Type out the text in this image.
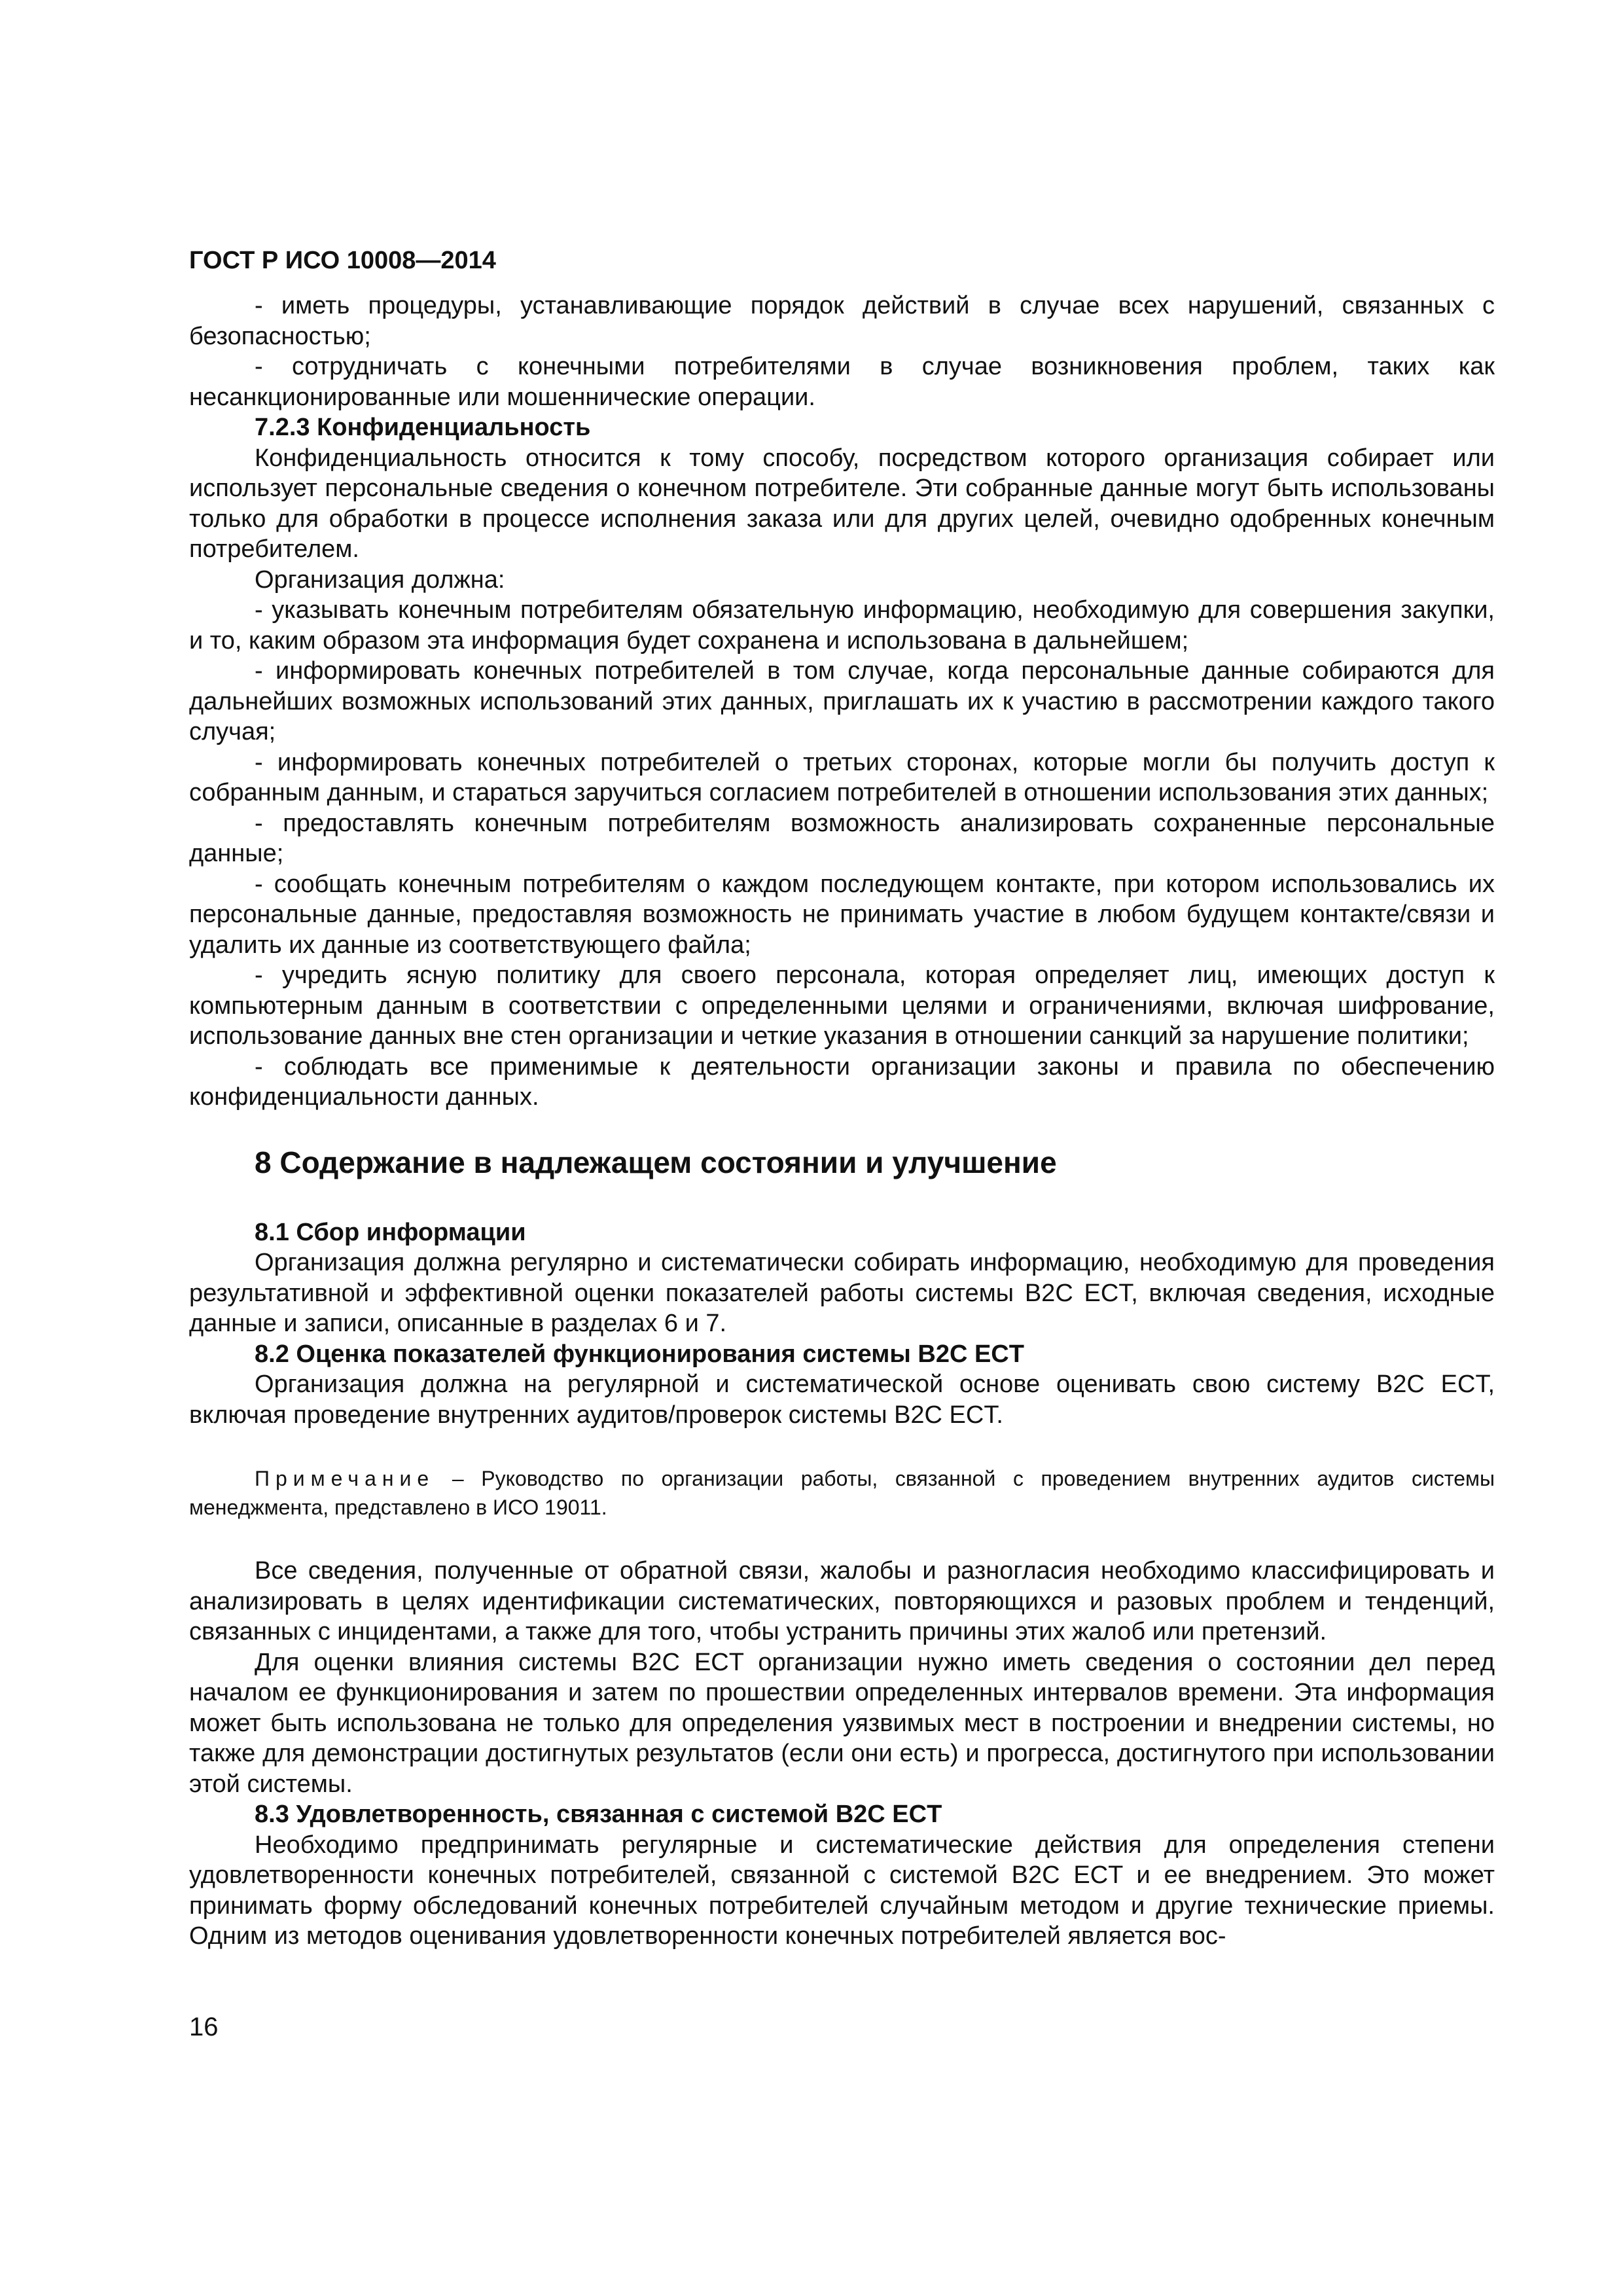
ГОСТ Р ИСО 10008—2014

- иметь процедуры, устанавливающие порядок действий в случае всех нарушений, связанных с безопасностью;

- сотрудничать с конечными потребителями в случае возникновения проблем, таких как несанкционированные или мошеннические операции.

7.2.3 Конфиденциальность

Конфиденциальность относится к тому способу, посредством которого организация собирает или использует персональные сведения о конечном потребителе. Эти собранные данные могут быть использованы только для обработки в процессе исполнения заказа или для других целей, очевидно одобренных конечным потребителем.

Организация должна:

- указывать конечным потребителям обязательную информацию, необходимую для совершения закупки, и то, каким образом эта информация будет сохранена и использована в дальнейшем;

- информировать конечных потребителей в том случае, когда персональные данные собираются для дальнейших возможных использований этих данных, приглашать их к участию в рассмотрении каждого такого случая;

- информировать конечных потребителей о третьих сторонах, которые могли бы получить доступ к собранным данным, и стараться заручиться согласием потребителей в отношении использования этих данных;

- предоставлять конечным потребителям возможность анализировать сохраненные персональные данные;

- сообщать конечным потребителям о каждом последующем контакте, при котором использовались их персональные данные, предоставляя возможность не принимать участие в любом будущем контакте/связи и удалить их данные из соответствующего файла;

- учредить ясную политику для своего персонала, которая определяет лиц, имеющих доступ к компьютерным данным в соответствии с определенными целями и ограничениями, включая шифрование, использование данных вне стен организации и четкие указания в отношении санкций за нарушение политики;

- соблюдать все применимые к деятельности организации законы и правила по обеспечению конфиденциальности данных.

8 Содержание в надлежащем состоянии и улучшение

8.1 Сбор информации

Организация должна регулярно и систематически собирать информацию, необходимую для проведения результативной и эффективной оценки показателей работы системы B2C ECT, включая сведения, исходные данные и записи, описанные в разделах 6 и 7.

8.2 Оценка показателей функционирования системы B2C ECT

Организация должна на регулярной и систематической основе оценивать свою систему B2C ECT, включая проведение внутренних аудитов/проверок системы B2C ECT.

Примечание – Руководство по организации работы, связанной с проведением внутренних аудитов системы менеджмента, представлено в ИСО 19011.

Все сведения, полученные от обратной связи, жалобы и разногласия необходимо классифицировать и анализировать в целях идентификации систематических, повторяющихся и разовых проблем и тенденций, связанных с инцидентами, а также для того, чтобы устранить причины этих жалоб или претензий.

Для оценки влияния системы B2C ECT организации нужно иметь сведения о состоянии дел перед началом ее функционирования и затем по прошествии определенных интервалов времени. Эта информация может быть использована не только для определения уязвимых мест в построении и внедрении системы, но также для демонстрации достигнутых результатов (если они есть) и прогресса, достигнутого при использовании этой системы.

8.3 Удовлетворенность, связанная с системой B2C ECT

Необходимо предпринимать регулярные и систематические действия для определения степени удовлетворенности конечных потребителей, связанной с системой B2C ECT и ее внедрением. Это может принимать форму обследований конечных потребителей случайным методом и другие технические приемы. Одним из методов оценивания удовлетворенности конечных потребителей является вос-

16
